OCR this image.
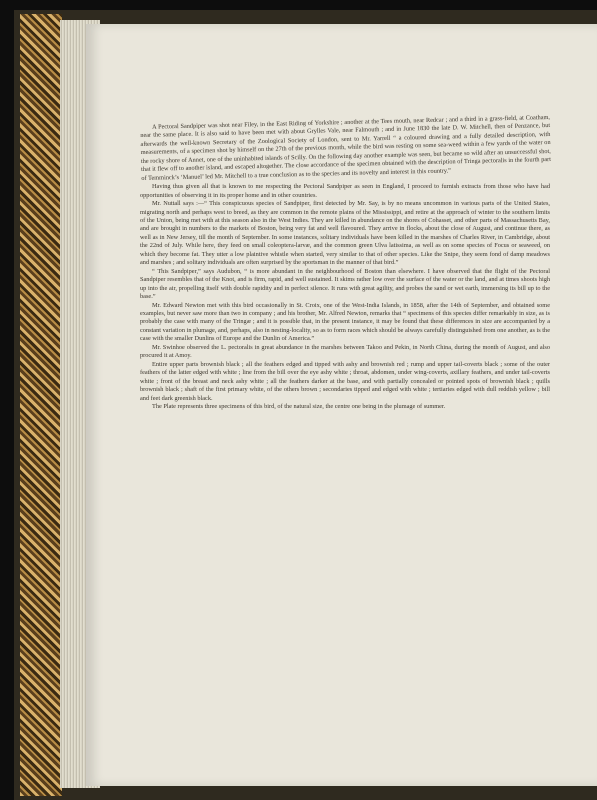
A Pectoral Sandpiper was shot near Filey, in the East Riding of Yorkshire ; another at the Tees mouth, near Redcar ; and a third in a grass-field, at Coatham, near the same place. It is also said to have been met with about Grylles Vale, near Falmouth ; and in June 1830 the late D. W. Mitchell, then of Penzance, but afterwards the well-known Secretary of the Zoological Society of London, sent to Mr. Yarrell “ a coloured drawing and a fully detailed description, with measurements, of a specimen shot by himself on the 27th of the previous month, while the bird was resting on some sea-weed within a few yards of the water on the rocky shore of Annet, one of the uninhabited islands of Scilly. On the following day another example was seen, but became so wild after an unsuccessful shot, that it flew off to another island, and escaped altogether. The close accordance of the specimen obtained with the description of Tringa pectoralis in the fourth part of Temminck’s ‘Manuel’ led Mr. Mitchell to a true conclusion as to the species and its novelty and interest in this country.”

Having thus given all that is known to me respecting the Pectoral Sandpiper as seen in England, I proceed to furnish extracts from those who have had opportunities of observing it in its proper home and in other countries.

Mr. Nuttall says :—“ This conspicuous species of Sandpiper, first detected by Mr. Say, is by no means uncommon in various parts of the United States, migrating north and perhaps west to breed, as they are common in the remote plains of the Mississippi, and retire at the approach of winter to the southern limits of the Union, being met with at this season also in the West Indies. They are killed in abundance on the shores of Cohasset, and other parts of Massachusetts Bay, and are brought in numbers to the markets of Boston, being very fat and well flavoured. They arrive in flocks, about the close of August, and continue there, as well as in New Jersey, till the month of September. In some instances, solitary individuals have been killed in the marshes of Charles River, in Cambridge, about the 22nd of July. While here, they feed on small coleoptera-larvæ, and the common green Ulva latissima, as well as on some species of Focus or seaweed, on which they become fat. They utter a low plaintive whistle when started, very similar to that of other species. Like the Snipe, they seem fond of damp meadows and marshes ; and solitary individuals are often surprised by the sportsman in the manner of that bird.”

“ This Sandpiper,” says Audubon, “ is more abundant in the neighbourhood of Boston than elsewhere. I have observed that the flight of the Pectoral Sandpiper resembles that of the Knot, and is firm, rapid, and well sustained. It skims rather low over the surface of the water or the land, and at times shoots high up into the air, propelling itself with double rapidity and in perfect silence. It runs with great agility, and probes the sand or wet earth, immersing its bill up to the base.”

Mr. Edward Newton met with this bird occasionally in St. Croix, one of the West-India Islands, in 1858, after the 14th of September, and obtained some examples, but never saw more than two in company ; and his brother, Mr. Alfred Newton, remarks that “ specimens of this species differ remarkably in size, as is probably the case with many of the Tringæ ; and it is possible that, in the present instance, it may be found that these differences in size are accompanied by a constant variation in plumage, and, perhaps, also in nesting-locality, so as to form races which should be always carefully distinguished from one another, as is the case with the smaller Dunlins of Europe and the Dunlin of America.”

Mr. Swinhoe observed the L. pectoralis in great abundance in the marshes between Takoo and Pekin, in North China, during the month of August, and also procured it at Amoy.

Entire upper parts brownish black ; all the feathers edged and tipped with ashy and brownish red ; rump and upper tail-coverts black ; some of the outer feathers of the latter edged with white ; line from the bill over the eye ashy white ; throat, abdomen, under wing-coverts, axillary feathers, and under tail-coverts white ; front of the breast and neck ashy white ; all the feathers darker at the base, and with partially concealed or pointed spots of brownish black ; quills brownish black ; shaft of the first primary white, of the others brown ; secondaries tipped and edged with white ; tertiaries edged with dull reddish yellow ; bill and feet dark greenish black.

The Plate represents three specimens of this bird, of the natural size, the centre one being in the plumage of summer.
